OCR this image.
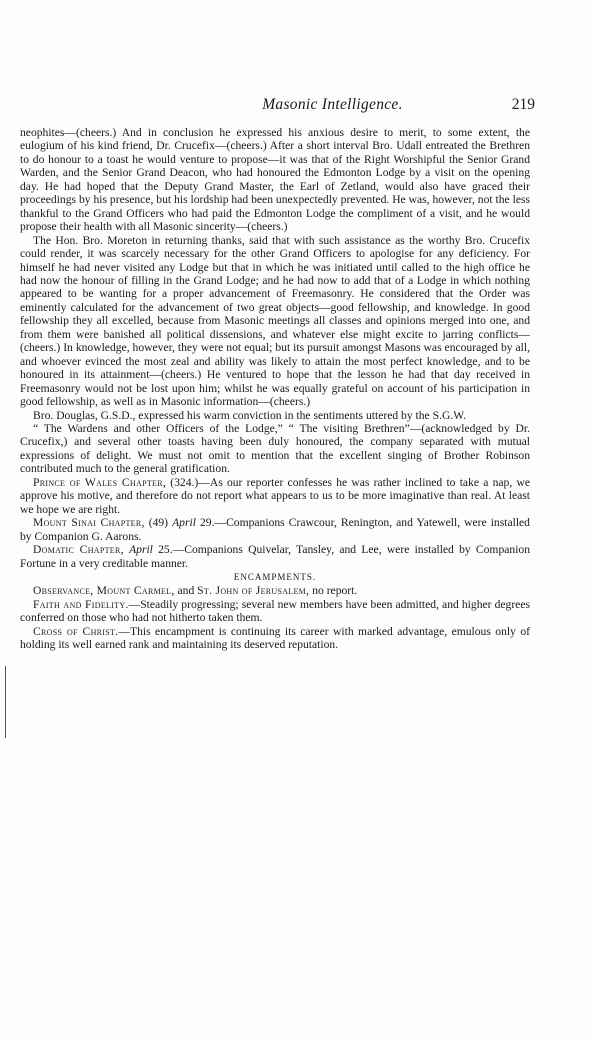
Masonic Intelligence.	219

neophites—(cheers.) And in conclusion he expressed his anxious desire to merit, to some extent, the eulogium of his kind friend, Dr. Crucefix—(cheers.) After a short interval Bro. Udall entreated the Brethren to do honour to a toast he would venture to propose—it was that of the Right Worshipful the Senior Grand Warden, and the Senior Grand Deacon, who had honoured the Edmonton Lodge by a visit on the opening day. He had hoped that the Deputy Grand Master, the Earl of Zetland, would also have graced their proceedings by his presence, but his lordship had been unexpectedly prevented. He was, however, not the less thankful to the Grand Officers who had paid the Edmonton Lodge the compliment of a visit, and he would propose their health with all Masonic sincerity—(cheers.)

The Hon. Bro. Moreton in returning thanks, said that with such assistance as the worthy Bro. Crucefix could render, it was scarcely necessary for the other Grand Officers to apologise for any deficiency. For himself he had never visited any Lodge but that in which he was initiated until called to the high office he had now the honour of filling in the Grand Lodge; and he had now to add that of a Lodge in which nothing appeared to be wanting for a proper advancement of Freemasonry. He considered that the Order was eminently calculated for the advancement of two great objects—good fellowship, and knowledge. In good fellowship they all excelled, because from Masonic meetings all classes and opinions merged into one, and from them were banished all political dissensions, and whatever else might excite to jarring conflicts—(cheers.) In knowledge, however, they were not equal; but its pursuit amongst Masons was encouraged by all, and whoever evinced the most zeal and ability was likely to attain the most perfect knowledge, and to be honoured in its attainment—(cheers.) He ventured to hope that the lesson he had that day received in Freemasonry would not be lost upon him; whilst he was equally grateful on account of his participation in good fellowship, as well as in Masonic information—(cheers.)

Bro. Douglas, G.S.D., expressed his warm conviction in the sentiments uttered by the S.G.W.

“ The Wardens and other Officers of the Lodge,” “ The visiting Brethren”—(acknowledged by Dr. Crucefix,) and several other toasts having been duly honoured, the company separated with mutual expressions of delight. We must not omit to mention that the excellent singing of Brother Robinson contributed much to the general gratification.

Prince of Wales Chapter, (324.)—As our reporter confesses he was rather inclined to take a nap, we approve his motive, and therefore do not report what appears to us to be more imaginative than real. At least we hope we are right.

Mount Sinai Chapter, (49) April 29.—Companions Crawcour, Renington, and Yatewell, were installed by Companion G. Aarons.

Domatic Chapter, April 25.—Companions Quivelar, Tansley, and Lee, were installed by Companion Fortune in a very creditable manner.

ENCAMPMENTS.

Observance, Mount Carmel, and St. John of Jerusalem, no report.

Faith and Fidelity.—Steadily progressing; several new members have been admitted, and higher degrees conferred on those who had not hitherto taken them.

Cross of Christ.—This encampment is continuing its career with marked advantage, emulous only of holding its well earned rank and maintaining its deserved reputation.
